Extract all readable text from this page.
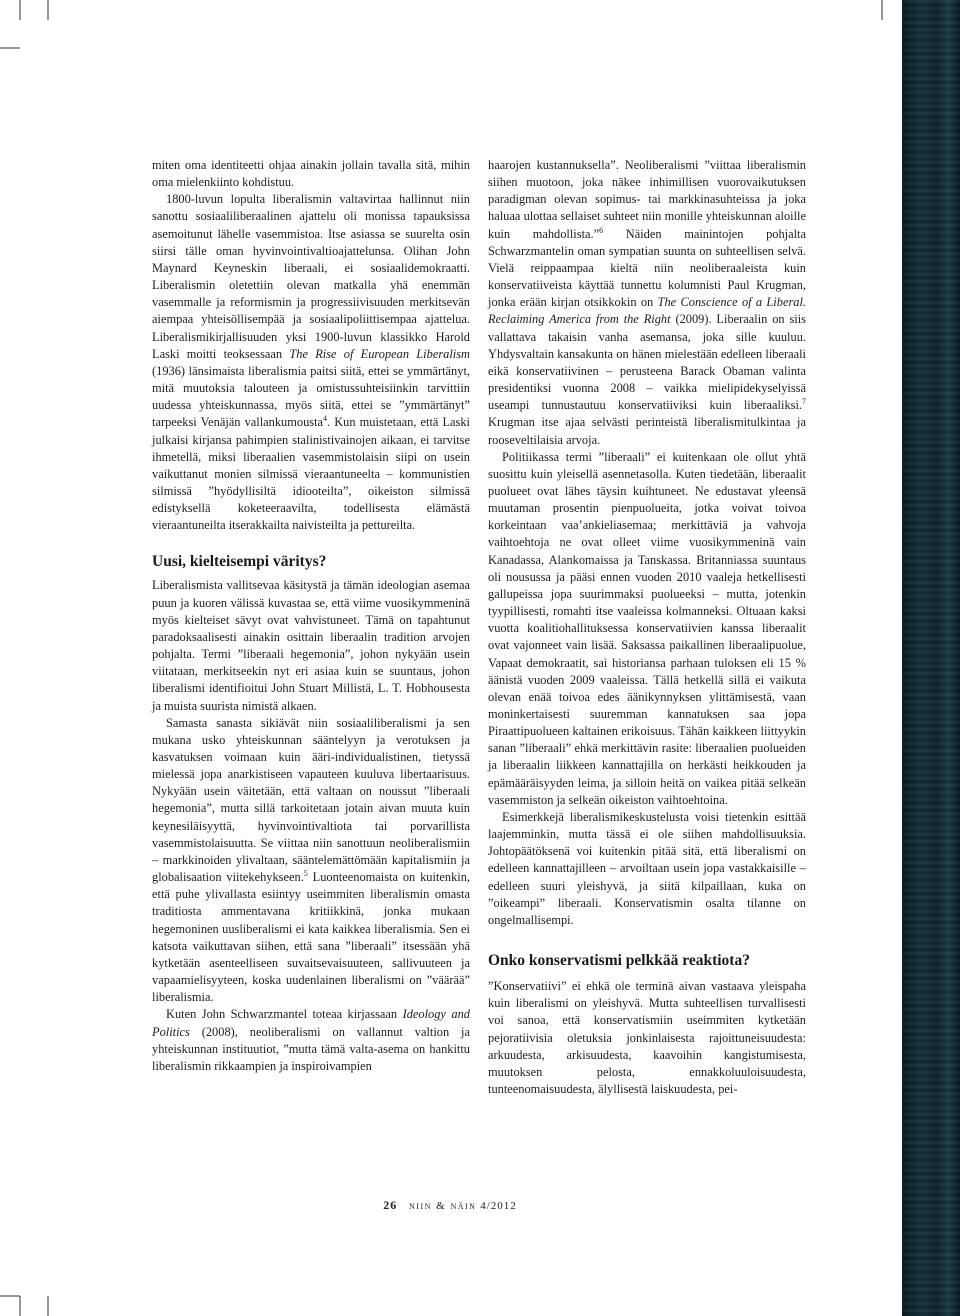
miten oma identiteetti ohjaa ainakin jollain tavalla sitä, mihin oma mielenkiinto kohdistuu.

1800-luvun lopulta liberalismin valtavirtaa hallinnut niin sanottu sosiaaliliberaalinen ajattelu oli monissa tapauksissa asemoitunut lähelle vasemmistoa. Itse asiassa se suurelta osin siirsi tälle oman hyvinvointivaltioajattelunsa. Olihan John Maynard Keyneskin liberaali, ei sosiaalidemokraatti. Liberalismin oletettiin olevan matkalla yhä enemmän vasemmalle ja reformismin ja progressiivisuuden merkitsevän aiempaa yhteisöllisempää ja sosiaalipoliittisempaa ajattelua. Liberalismikirjallisuuden yksi 1900-luvun klassikko Harold Laski moitti teoksessaan The Rise of European Liberalism (1936) länsimaista liberalismia paitsi siitä, ettei se ymmärtänyt, mitä muutoksia talouteen ja omistussuhteisiinkin tarvittiin uudessa yhteiskunnassa, myös siitä, ettei se ”ymmärtänyt” tarpeeksi Venäjän vallankumousta$^4$. Kun muistetaan, että Laski julkaisi kirjansa pahimpien stalinistivainojen aikaan, ei tarvitse ihmetellä, miksi liberaalien vasemmistolaisin siipi on usein vaikuttanut monien silmissä vieraantuneelta – kommunistien silmissä ”hyödyllisiltä idiooteilta”, oikeiston silmissä edistyksellä koketeeraavilta, todellisesta elämästä vieraantuneilta itserakkailta naivisteilta ja pettureilta.

Uusi, kielteisempi väritys?

Liberalismista vallitsevaa käsitystä ja tämän ideologian asemaa puun ja kuoren välissä kuvastaa se, että viime vuosikymmeninä myös kielteiset sävyt ovat vahvistuneet. Tämä on tapahtunut paradoksaalisesti ainakin osittain liberaalin tradition arvojen pohjalta. Termi ”liberaali hegemonia”, johon nykyään usein viitataan, merkitseekin nyt eri asiaa kuin se suuntaus, johon liberalismi identifioitui John Stuart Millistä, L. T. Hobhousesta ja muista suurista nimistä alkaen.

Samasta sanasta sikiävät niin sosiaaliliberalismi ja sen mukana usko yhteiskunnan sääntelyyn ja verotuksen ja kasvatuksen voimaan kuin ääri-individualistinen, tietyssä mielessä jopa anarkistiseen vapauteen kuuluva libertaarisuus. Nykyään usein väitetään, että valtaan on noussut ”liberaali hegemonia”, mutta sillä tarkoitetaan jotain aivan muuta kuin keynesiläisyyttä, hyvinvointivaltiota tai porvarillista vasemmistolaisuutta. Se viittaa niin sanottuun neoliberalismiin – markkinoiden ylivaltaan, sääntelemättömään kapitalismiin ja globalisaation viitekehykseen.$^5$ Luonteenomaista on kuitenkin, että puhe ylivallasta esiintyy useimmiten liberalismin omasta traditiosta ammentavana kritiikkinä, jonka mukaan hegemoninen uusliberalismi ei kata kaikkea liberalismia. Sen ei katsota vaikuttavan siihen, että sana ”liberaali” itsessään yhä kytketään asenteelliseen suvaitsevaisuuteen, sallivuuteen ja vapaamielisyyteen, koska uudenlainen liberalismi on ”väärää” liberalismia.

Kuten John Schwarzmantel toteaa kirjassaan Ideology and Politics (2008), neoliberalismi on vallannut valtion ja yhteiskunnan instituutiot, ”mutta tämä valta-asema on hankittu liberalismin rikkaampien ja inspiroivampien

haarojen kustannuksella”. Neoliberalismi ”viittaa liberalismin siihen muotoon, joka näkee inhimillisen vuorovaikutuksen paradigman olevan sopimus- tai markkinasuhteissa ja joka haluaa ulottaa sellaiset suhteet niin monille yhteiskunnan aloille kuin mahdollista.”$^6$ Näiden mainintojen pohjalta Schwarzmantelin oman sympatian suunta on suhteellisen selvä. Vielä reippaampaa kieltä niin neoliberaaleista kuin konservatiiveista käyttää tunnettu kolumnisti Paul Krugman, jonka erään kirjan otsikkokin on The Conscience of a Liberal. Reclaiming America from the Right (2009). Liberaalin on siis vallattava takaisin vanha asemansa, joka sille kuuluu. Yhdysvaltain kansakunta on hänen mielestään edelleen liberaali eikä konservatiivinen – perusteena Barack Obaman valinta presidentiksi vuonna 2008 – vaikka mielipidekyselyissä useampi tunnustautuu konservatiiviksi kuin liberaaliksi.$^7$ Krugman itse ajaa selvästi perinteistä liberalismitulkintaa ja rooseveltilaisia arvoja.

Politiikassa termi ”liberaali” ei kuitenkaan ole ollut yhtä suosittu kuin yleisellä asennetasolla. Kuten tiedetään, liberaalit puolueet ovat lähes täysin kuihtuneet. Ne edustavat yleensä muutaman prosentin pienpuolueita, jotka voivat toivoa korkeintaan vaa’ankieliasemaa; merkittäviä ja vahvoja vaihtoehtoja ne ovat olleet viime vuosikymmeninä vain Kanadassa, Alankomaissa ja Tanskassa. Britanniassa suuntaus oli nousussa ja pääsi ennen vuoden 2010 vaaleja hetkellisesti gallupeissa jopa suurimmaksi puolueeksi – mutta, jotenkin tyypillisesti, romahti itse vaaleissa kolmanneksi. Oltuaan kaksi vuotta koalitiohallituksessa konservatiivien kanssa liberaalit ovat vajonneet vain lisää. Saksassa paikallinen liberaalipuolue, Vapaat demokraatit, sai historiansa parhaan tuloksen eli 15 % äänistä vuoden 2009 vaaleissa. Tällä hetkellä sillä ei vaikuta olevan enää toivoa edes äänikynnyksen ylittämisestä, vaan moninkertaisesti suuremman kannatuksen saa jopa Piraattipuolueen kaltainen erikoisuus. Tähän kaikkeen liittyykin sanan ”liberaali” ehkä merkittävin rasite: liberaalien puolueiden ja liberaalin liikkeen kannattajilla on herkästi heikkouden ja epämääräisyyden leima, ja silloin heitä on vaikea pitää selkeän vasemmiston ja selkeän oikeiston vaihtoehtoina.

Esimerkkejä liberalismikeskustelusta voisi tietenkin esittää laajemminkin, mutta tässä ei ole siihen mahdollisuuksia. Johtopäätöksenä voi kuitenkin pitää sitä, että liberalismi on edelleen kannattajilleen – arvoiltaan usein jopa vastakkaisille – edelleen suuri yleishyvä, ja siitä kilpaillaan, kuka on ”oikeampi” liberaali. Konservatismin osalta tilanne on ongelmallisempi.

Onko konservatismi pelkkää reaktiota?

”Konservatiivi” ei ehkä ole terminä aivan vastaava yleispaha kuin liberalismi on yleishyvä. Mutta suhteellisen turvallisesti voi sanoa, että konservatismiin useimmiten kytketään pejoratiivisia oletuksia jonkinlaisesta rajoittuneisuudesta: arkuudesta, arkisuudesta, kaavoihin kangistumisesta, muutoksen pelosta, ennakkoluuloisuudesta, tunteenomaisuudesta, älyllisestä laiskuudesta, pei-

26 niin & näin 4/2012
